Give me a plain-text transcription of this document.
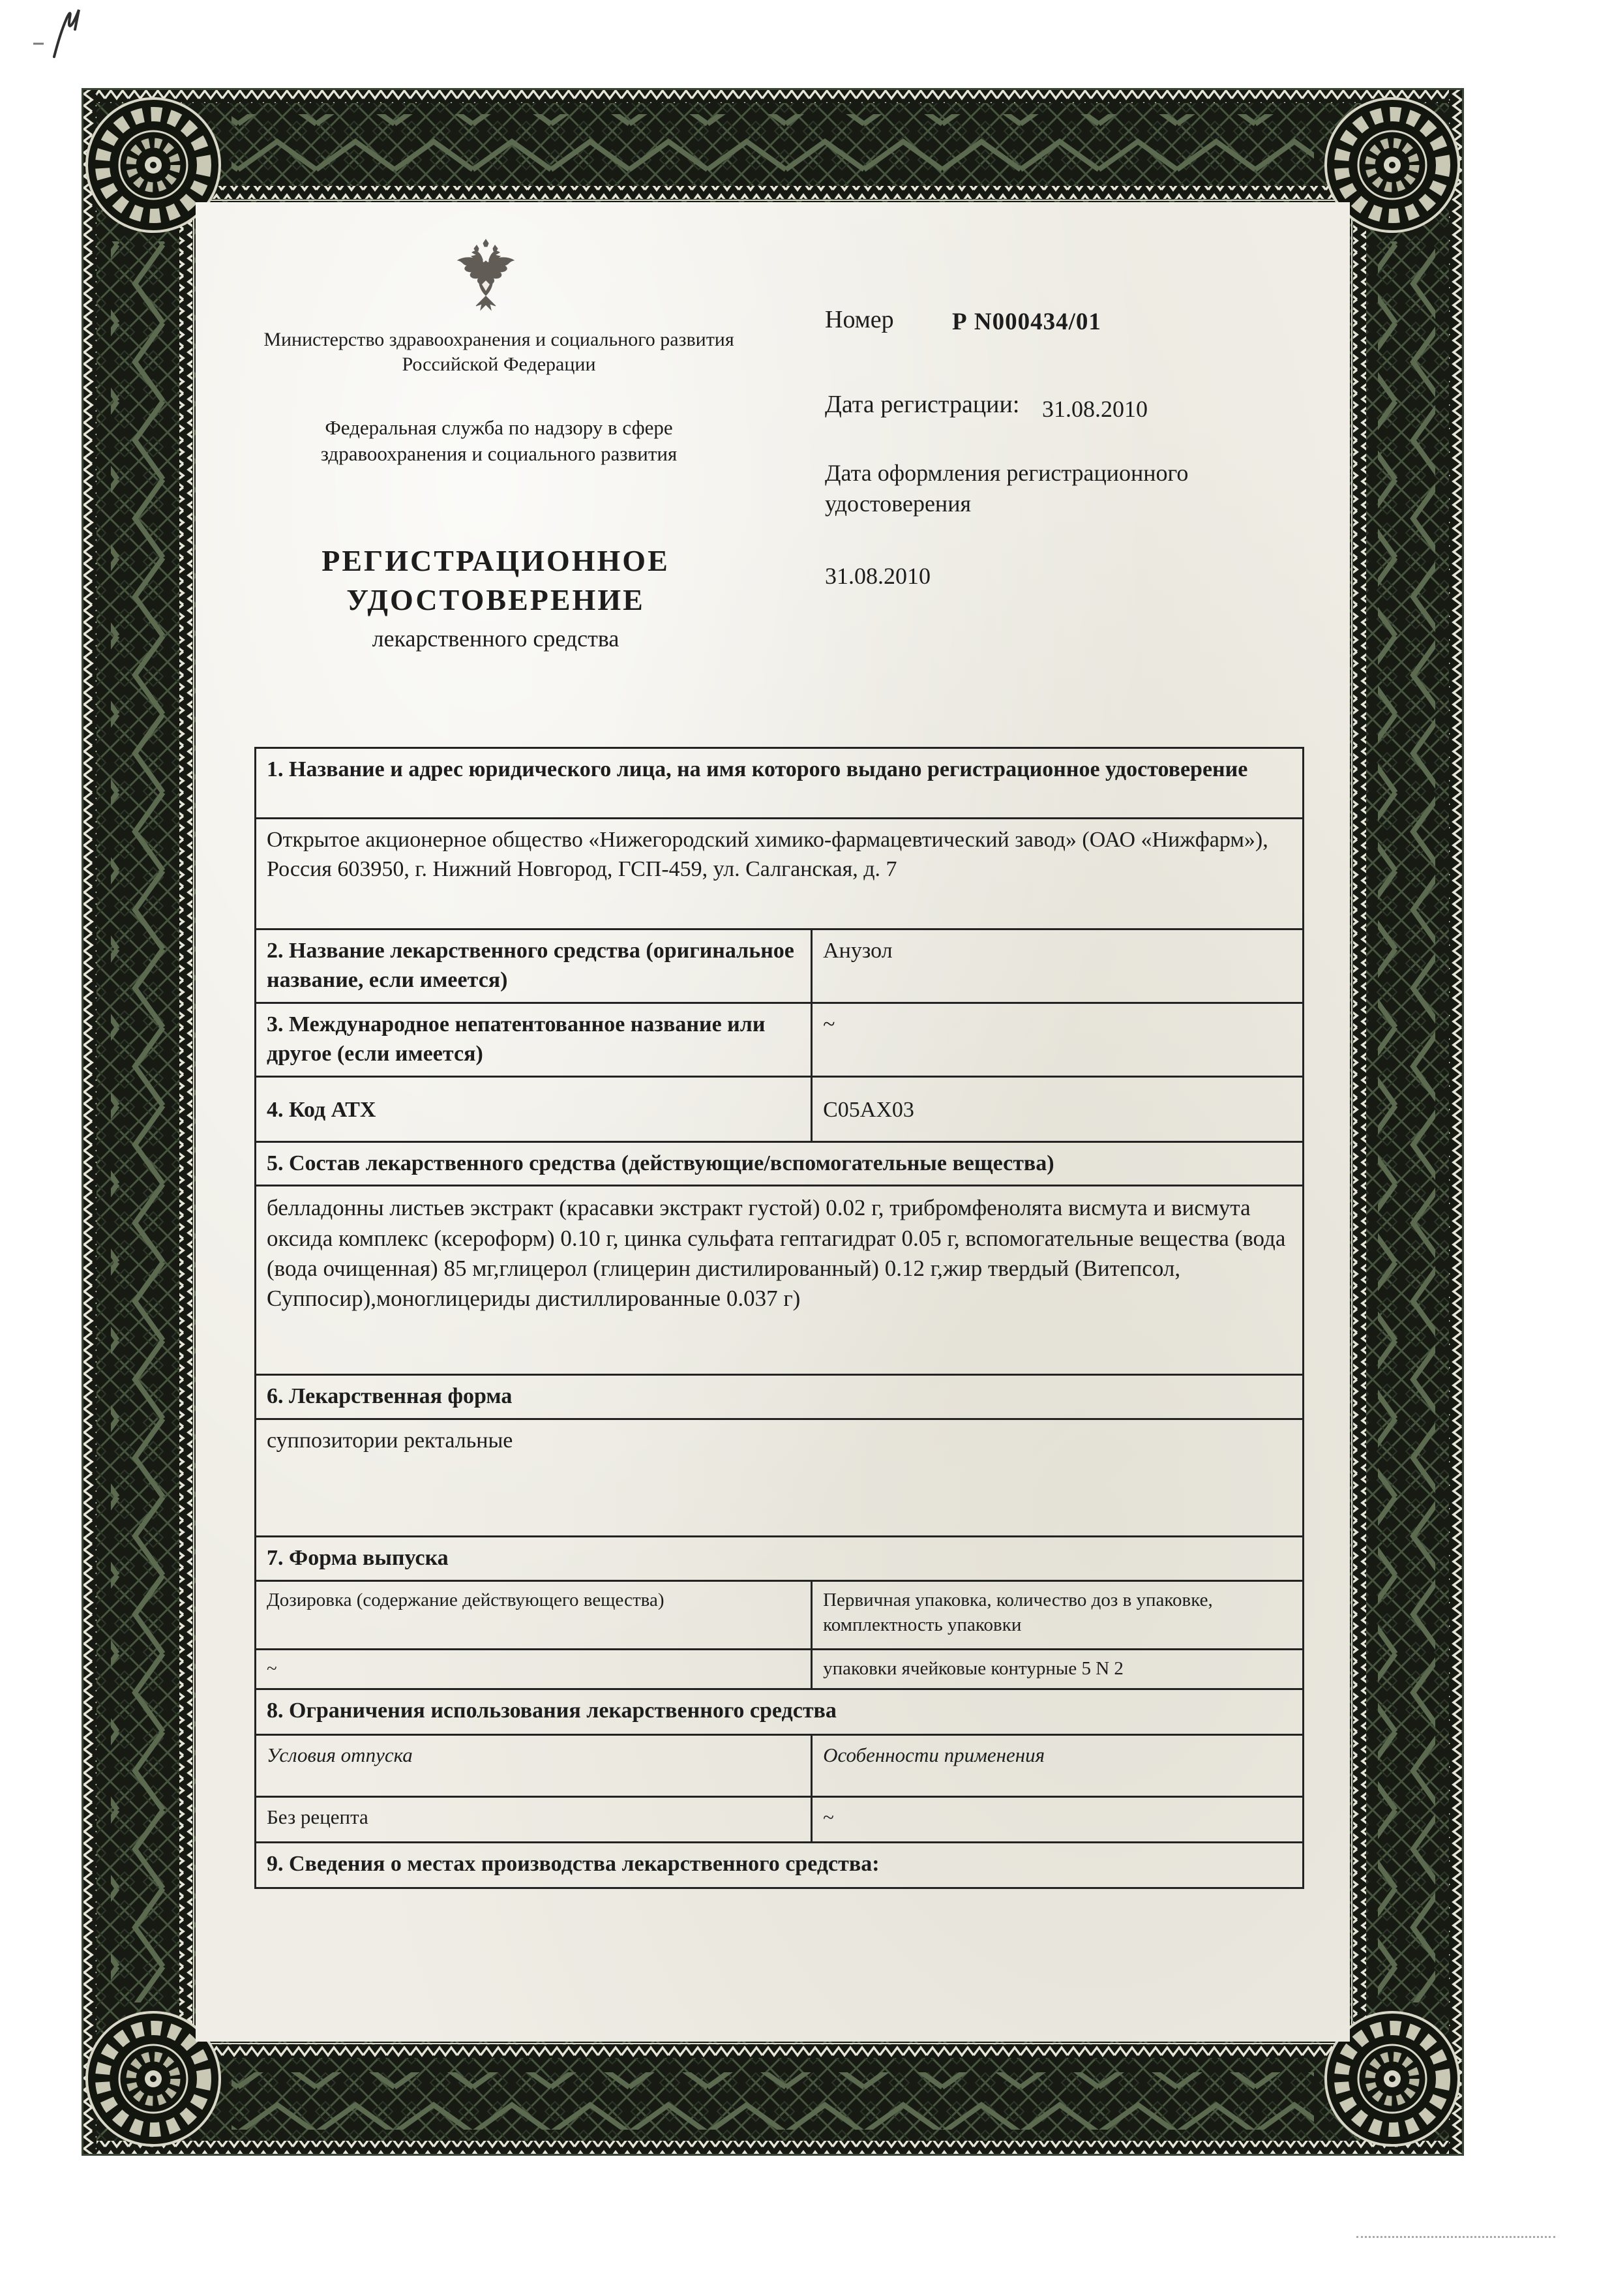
Министерство здравоохранения и социального развития Российской Федерации
Федеральная служба по надзору в сфере здравоохранения и социального развития
РЕГИСТРАЦИОННОЕ
УДОСТОВЕРЕНИЕ
лекарственного средства
Номер Р N000434/01
Дата регистрации: 31.08.2010
Дата оформления регистрационного удостоверения
31.08.2010
1. Название и адрес юридического лица, на имя которого выдано регистрационное удостоверение
Открытое акционерное общество «Нижегородский химико-фармацевтический завод» (ОАО «Нижфарм»), Россия 603950, г. Нижний Новгород, ГСП-459, ул. Салганская, д. 7
2. Название лекарственного средства (оригинальное название, если имеется)
Анузол
3. Международное непатентованное название или другое (если имеется)
~
4. Код АТХ	C05AX03
5. Состав лекарственного средства (действующие/вспомогательные вещества)
белладонны листьев экстракт (красавки экстракт густой) 0.02 г, трибромфенолята висмута и висмута оксида комплекс (ксероформ) 0.10 г, цинка сульфата гептагидрат 0.05 г, вспомогательные вещества (вода (вода очищенная) 85 мг,глицерол (глицерин дистилированный) 0.12 г,жир твердый (Витепсол, Суппосир),моноглицериды дистиллированные 0.037 г)
6. Лекарственная форма
суппозитории ректальные
7. Форма выпуска
Дозировка (содержание действующего вещества)	Первичная упаковка, количество доз в упаковке, комплектность упаковки
~	упаковки ячейковые контурные 5 N 2
8. Ограничения использования лекарственного средства
Условия отпуска	Особенности применения
Без рецепта	~
9. Сведения о местах производства лекарственного средства:
